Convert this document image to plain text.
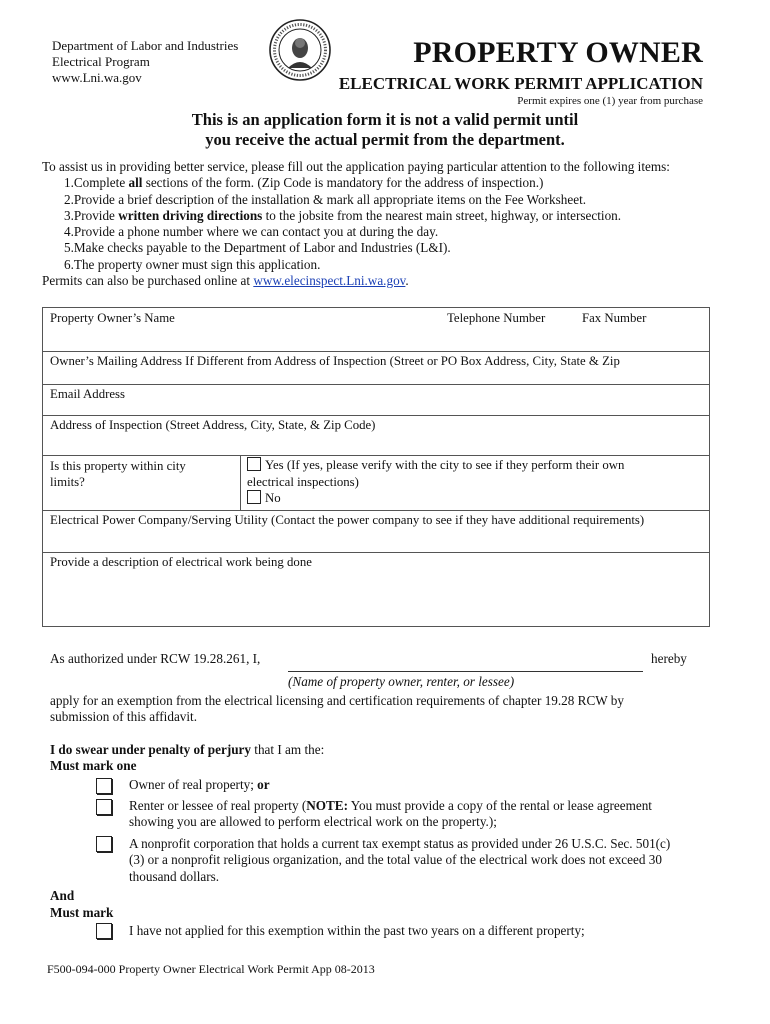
Department of Labor and Industries
Electrical Program
www.Lni.wa.gov
PROPERTY OWNER
ELECTRICAL WORK PERMIT APPLICATION
Permit expires one (1) year from purchase
This is an application form it is not a valid permit until
you receive the actual permit from the department.
To assist us in providing better service, please fill out the application paying particular attention to the following items:
1.Complete all sections of the form. (Zip Code is mandatory for the address of inspection.)
2.Provide a brief description of the installation & mark all appropriate items on the Fee Worksheet.
3.Provide written driving directions to the jobsite from the nearest main street, highway, or intersection.
4.Provide a phone number where we can contact you at during the day.
5.Make checks payable to the Department of Labor and Industries (L&I).
6.The property owner must sign this application.
Permits can also be purchased online at www.elecinspect.Lni.wa.gov.
Property Owner’s Name	Telephone Number	Fax Number
Owner’s Mailing Address If Different from Address of Inspection (Street or PO Box Address, City, State & Zip
Email Address
Address of Inspection (Street Address, City, State, & Zip Code)
Is this property within city
limits?
Yes (If yes, please verify with the city to see if they perform their own
electrical inspections)
No
Electrical Power Company/Serving Utility (Contact the power company to see if they have additional requirements)
Provide a description of electrical work being done
As authorized under RCW 19.28.261, I,	hereby
(Name of property owner, renter, or lessee)
apply for an exemption from the electrical licensing and certification requirements of chapter 19.28 RCW by
submission of this affidavit.
I do swear under penalty of perjury that I am the:
Must mark one
Owner of real property; or
Renter or lessee of real property (NOTE: You must provide a copy of the rental or lease agreement
showing you are allowed to perform electrical work on the property.);
A nonprofit corporation that holds a current tax exempt status as provided under 26 U.S.C. Sec. 501(c)
(3) or a nonprofit religious organization, and the total value of the electrical work does not exceed 30
thousand dollars.
And
Must mark
I have not applied for this exemption within the past two years on a different property;
F500-094-000 Property Owner Electrical Work Permit App 08-2013
